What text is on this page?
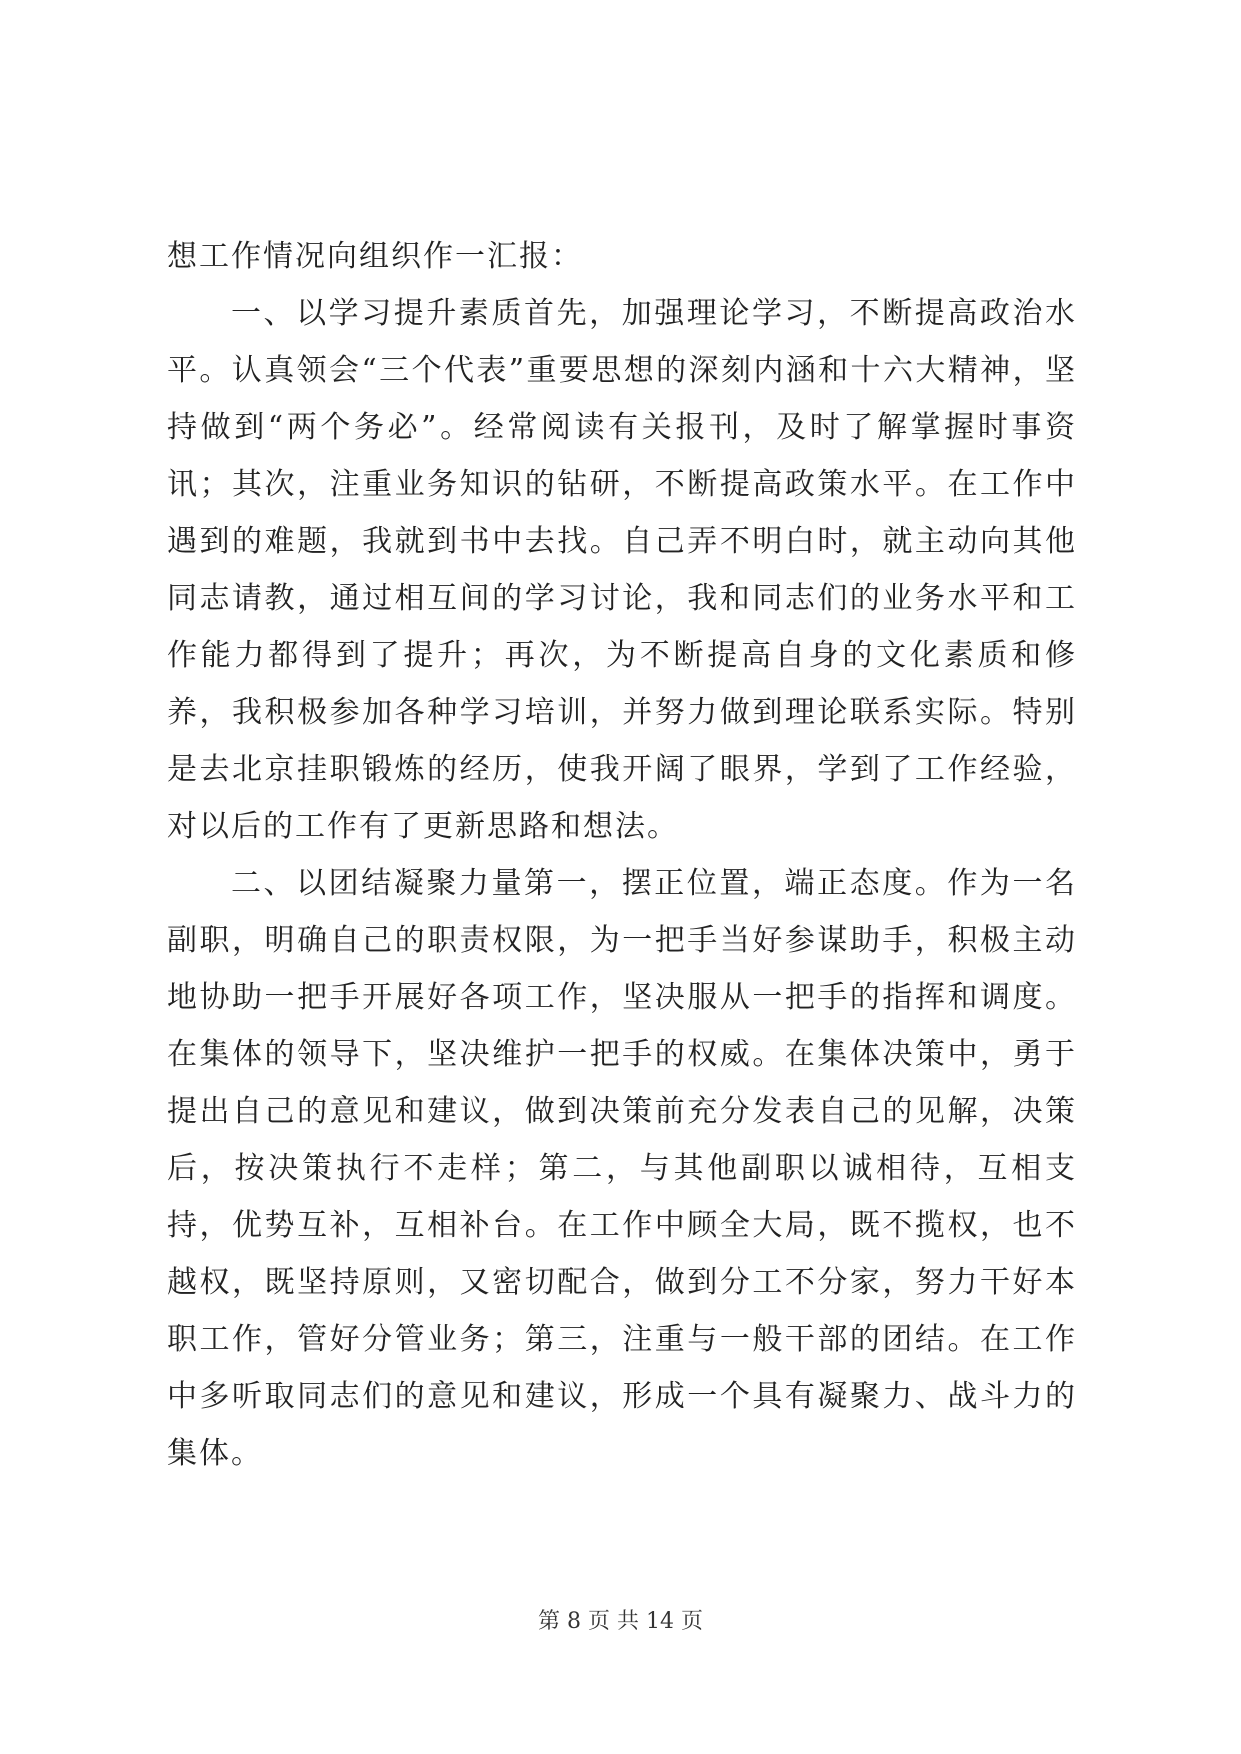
想工作情况向组织作一汇报：

一、以学习提升素质首先，加强理论学习，不断提高政治水平。认真领会“三个代表”重要思想的深刻内涵和十六大精神，坚持做到“两个务必”。经常阅读有关报刊，及时了解掌握时事资讯；其次，注重业务知识的钻研，不断提高政策水平。在工作中遇到的难题，我就到书中去找。自己弄不明白时，就主动向其他同志请教，通过相互间的学习讨论，我和同志们的业务水平和工作能力都得到了提升；再次，为不断提高自身的文化素质和修养，我积极参加各种学习培训，并努力做到理论联系实际。特别是去北京挂职锻炼的经历，使我开阔了眼界，学到了工作经验，对以后的工作有了更新思路和想法。

二、以团结凝聚力量第一，摆正位置，端正态度。作为一名副职，明确自己的职责权限，为一把手当好参谋助手，积极主动地协助一把手开展好各项工作，坚决服从一把手的指挥和调度。在集体的领导下，坚决维护一把手的权威。在集体决策中，勇于提出自己的意见和建议，做到决策前充分发表自己的见解，决策后，按决策执行不走样；第二，与其他副职以诚相待，互相支持，优势互补，互相补台。在工作中顾全大局，既不揽权，也不越权，既坚持原则，又密切配合，做到分工不分家，努力干好本职工作，管好分管业务；第三，注重与一般干部的团结。在工作中多听取同志们的意见和建议，形成一个具有凝聚力、战斗力的集体。

第 8 页 共 14 页
